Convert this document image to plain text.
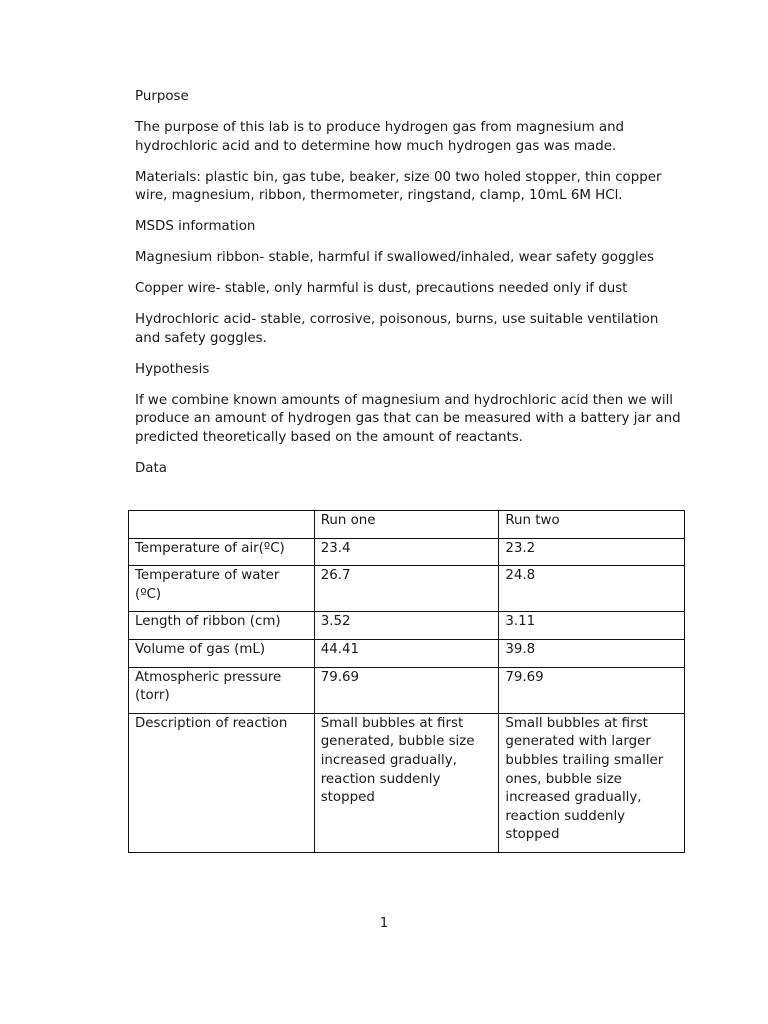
Purpose

The purpose of this lab is to produce hydrogen gas from magnesium and hydrochloric acid and to determine how much hydrogen gas was made.

Materials: plastic bin, gas tube, beaker, size 00 two holed stopper, thin copper wire, magnesium, ribbon, thermometer, ringstand, clamp, 10mL 6M HCl.

MSDS information

Magnesium ribbon- stable, harmful if swallowed/inhaled, wear safety goggles

Copper wire- stable, only harmful is dust, precautions needed only if dust

Hydrochloric acid- stable, corrosive, poisonous, burns, use suitable ventilation and safety goggles.

Hypothesis

If we combine known amounts of magnesium and hydrochloric acid then we will produce an amount of hydrogen gas that can be measured with a battery jar and predicted theoretically based on the amount of reactants.

Data

	Run one	Run two
Temperature of air(ºC)	23.4	23.2
Temperature of water (ºC)	26.7	24.8
Length of ribbon (cm)	3.52	3.11
Volume of gas (mL)	44.41	39.8
Atmospheric pressure (torr)	79.69	79.69
Description of reaction	Small bubbles at first generated, bubble size increased gradually, reaction suddenly stopped	Small bubbles at first generated with larger bubbles trailing smaller ones, bubble size increased gradually, reaction suddenly stopped
1
